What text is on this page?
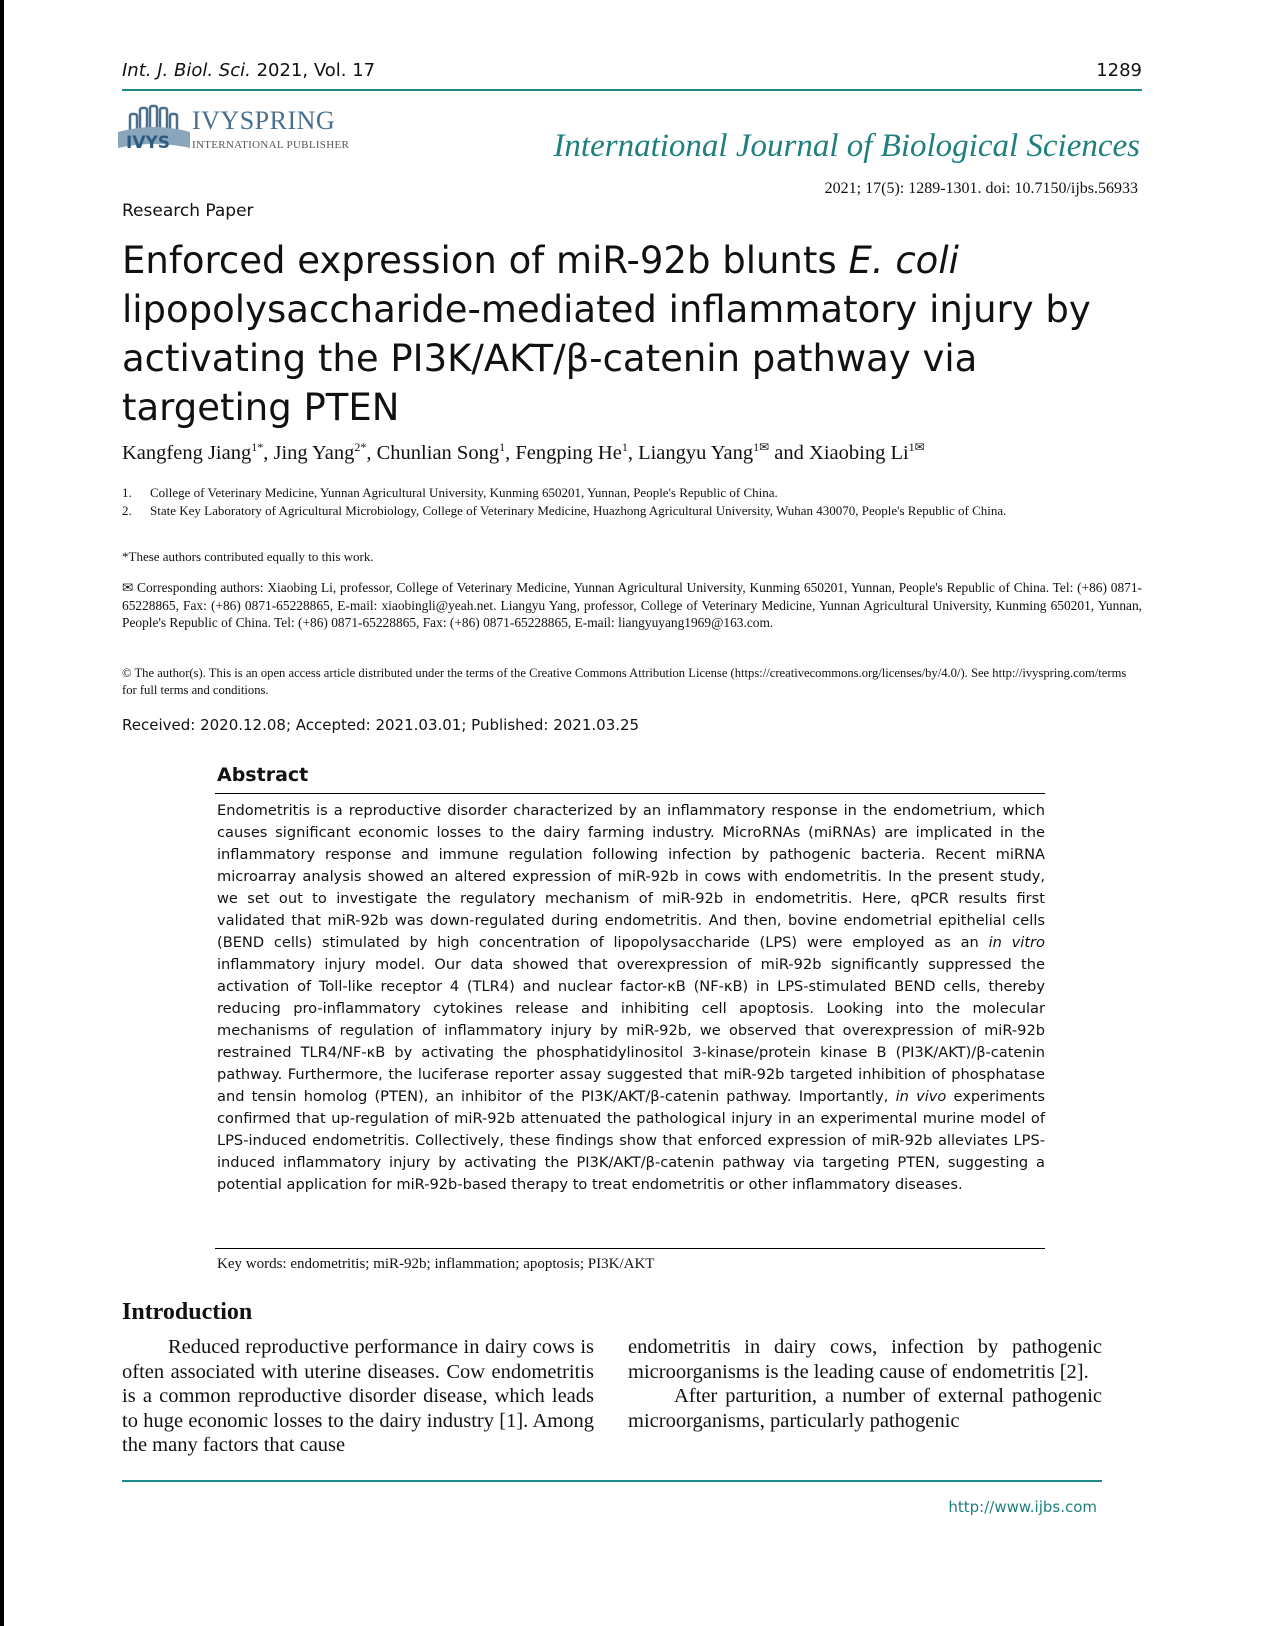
Int. J. Biol. Sci. 2021, Vol. 17	1289
IVYS
IVYSPRING
INTERNATIONAL PUBLISHER	International Journal of Biological Sciences
2021; 17(5): 1289-1301. doi: 10.7150/ijbs.56933
Research Paper
Enforced expression of miR-92b blunts E. coli lipopolysaccharide-mediated inflammatory injury by activating the PI3K/AKT/β-catenin pathway via targeting PTEN
Kangfeng Jiang$^{1*}$, Jing Yang$^{2*}$, Chunlian Song$^1$, Fengping He$^1$, Liangyu Yang$^{1✉}$ and Xiaobing $Li^{1✉}$
1. College of Veterinary Medicine, Yunnan Agricultural University, Kunming 650201, Yunnan, People's Republic of China.
2. State Key Laboratory of Agricultural Microbiology, College of Veterinary Medicine, Huazhong Agricultural University, Wuhan 430070, People's Republic of China.
*These authors contributed equally to this work.
✉ Corresponding authors: Xiaobing Li, professor, College of Veterinary Medicine, Yunnan Agricultural University, Kunming 650201, Yunnan, People's Republic of China. Tel: (+86) 0871-65228865, Fax: (+86) 0871-65228865, E-mail: xiaobingli@yeah.net. Liangyu Yang, professor, College of Veterinary Medicine, Yunnan Agricultural University, Kunming 650201, Yunnan, People's Republic of China. Tel: (+86) 0871-65228865, Fax: (+86) 0871-65228865, E-mail: liangyuyang1969@163.com.
© The author(s). This is an open access article distributed under the terms of the Creative Commons Attribution License (https://creativecommons.org/licenses/by/4.0/). See http://ivyspring.com/terms for full terms and conditions.
Received: 2020.12.08; Accepted: 2021.03.01; Published: 2021.03.25
Abstract
Endometritis is a reproductive disorder characterized by an inflammatory response in the endometrium, which causes significant economic losses to the dairy farming industry. MicroRNAs (miRNAs) are implicated in the inflammatory response and immune regulation following infection by pathogenic bacteria. Recent miRNA microarray analysis showed an altered expression of miR-92b in cows with endometritis. In the present study, we set out to investigate the regulatory mechanism of miR-92b in endometritis. Here, qPCR results first validated that miR-92b was down-regulated during endometritis. And then, bovine endometrial epithelial cells (BEND cells) stimulated by high concentration of lipopolysaccharide (LPS) were employed as an in vitro inflammatory injury model. Our data showed that overexpression of miR-92b significantly suppressed the activation of Toll-like receptor 4 (TLR4) and nuclear factor-κB (NF-κB) in LPS-stimulated BEND cells, thereby reducing pro-inflammatory cytokines release and inhibiting cell apoptosis. Looking into the molecular mechanisms of regulation of inflammatory injury by miR-92b, we observed that overexpression of miR-92b restrained TLR4/NF-κB by activating the phosphatidylinositol 3-kinase/protein kinase B (PI3K/AKT)/β-catenin pathway. Furthermore, the luciferase reporter assay suggested that miR-92b targeted inhibition of phosphatase and tensin homolog (PTEN), an inhibitor of the PI3K/AKT/β-catenin pathway. Importantly, in vivo experiments confirmed that up-regulation of miR-92b attenuated the pathological injury in an experimental murine model of LPS-induced endometritis. Collectively, these findings show that enforced expression of miR-92b alleviates LPS-induced inflammatory injury by activating the PI3K/AKT/β-catenin pathway via targeting PTEN, suggesting a potential application for miR-92b-based therapy to treat endometritis or other inflammatory diseases.
Key words: endometritis; miR-92b; inflammation; apoptosis; PI3K/AKT
Introduction

Reduced reproductive performance in dairy cows is often associated with uterine diseases. Cow endometritis is a common reproductive disorder disease, which leads to huge economic losses to the dairy industry [1]. Among the many factors that cause

endometritis in dairy cows, infection by pathogenic microorganisms is the leading cause of endometritis [2].

After parturition, a number of external pathogenic microorganisms, particularly pathogenic

http://www.ijbs.com
